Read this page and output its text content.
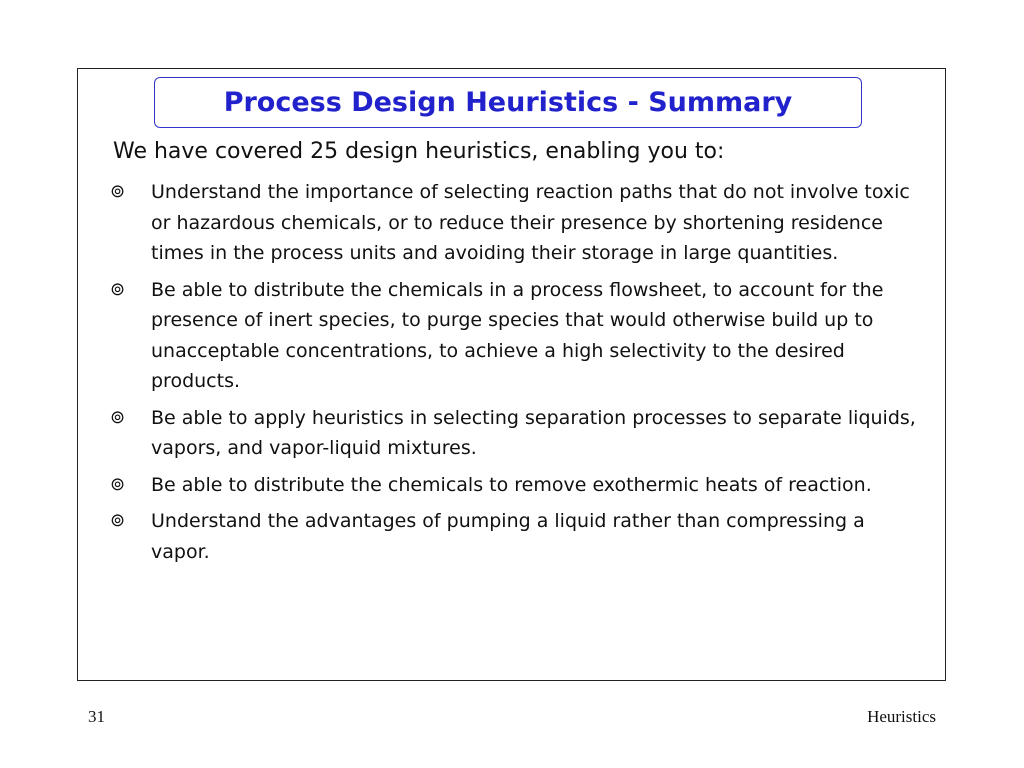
Process Design Heuristics - Summary

We have covered 25 design heuristics, enabling you to:

⊚	Understand the importance of selecting reaction paths that do not involve toxic or hazardous chemicals, or to reduce their presence by shortening residence times in the process units and avoiding their storage in large quantities.
⊚	Be able to distribute the chemicals in a process flowsheet, to account for the presence of inert species, to purge species that would otherwise build up to unacceptable concentrations, to achieve a high selectivity to the desired products.
⊚	Be able to apply heuristics in selecting separation processes to separate liquids, vapors, and vapor-liquid mixtures.
⊚	Be able to distribute the chemicals to remove exothermic heats of reaction.
⊚	Understand the advantages of pumping a liquid rather than compressing a vapor.
31	Heuristics
